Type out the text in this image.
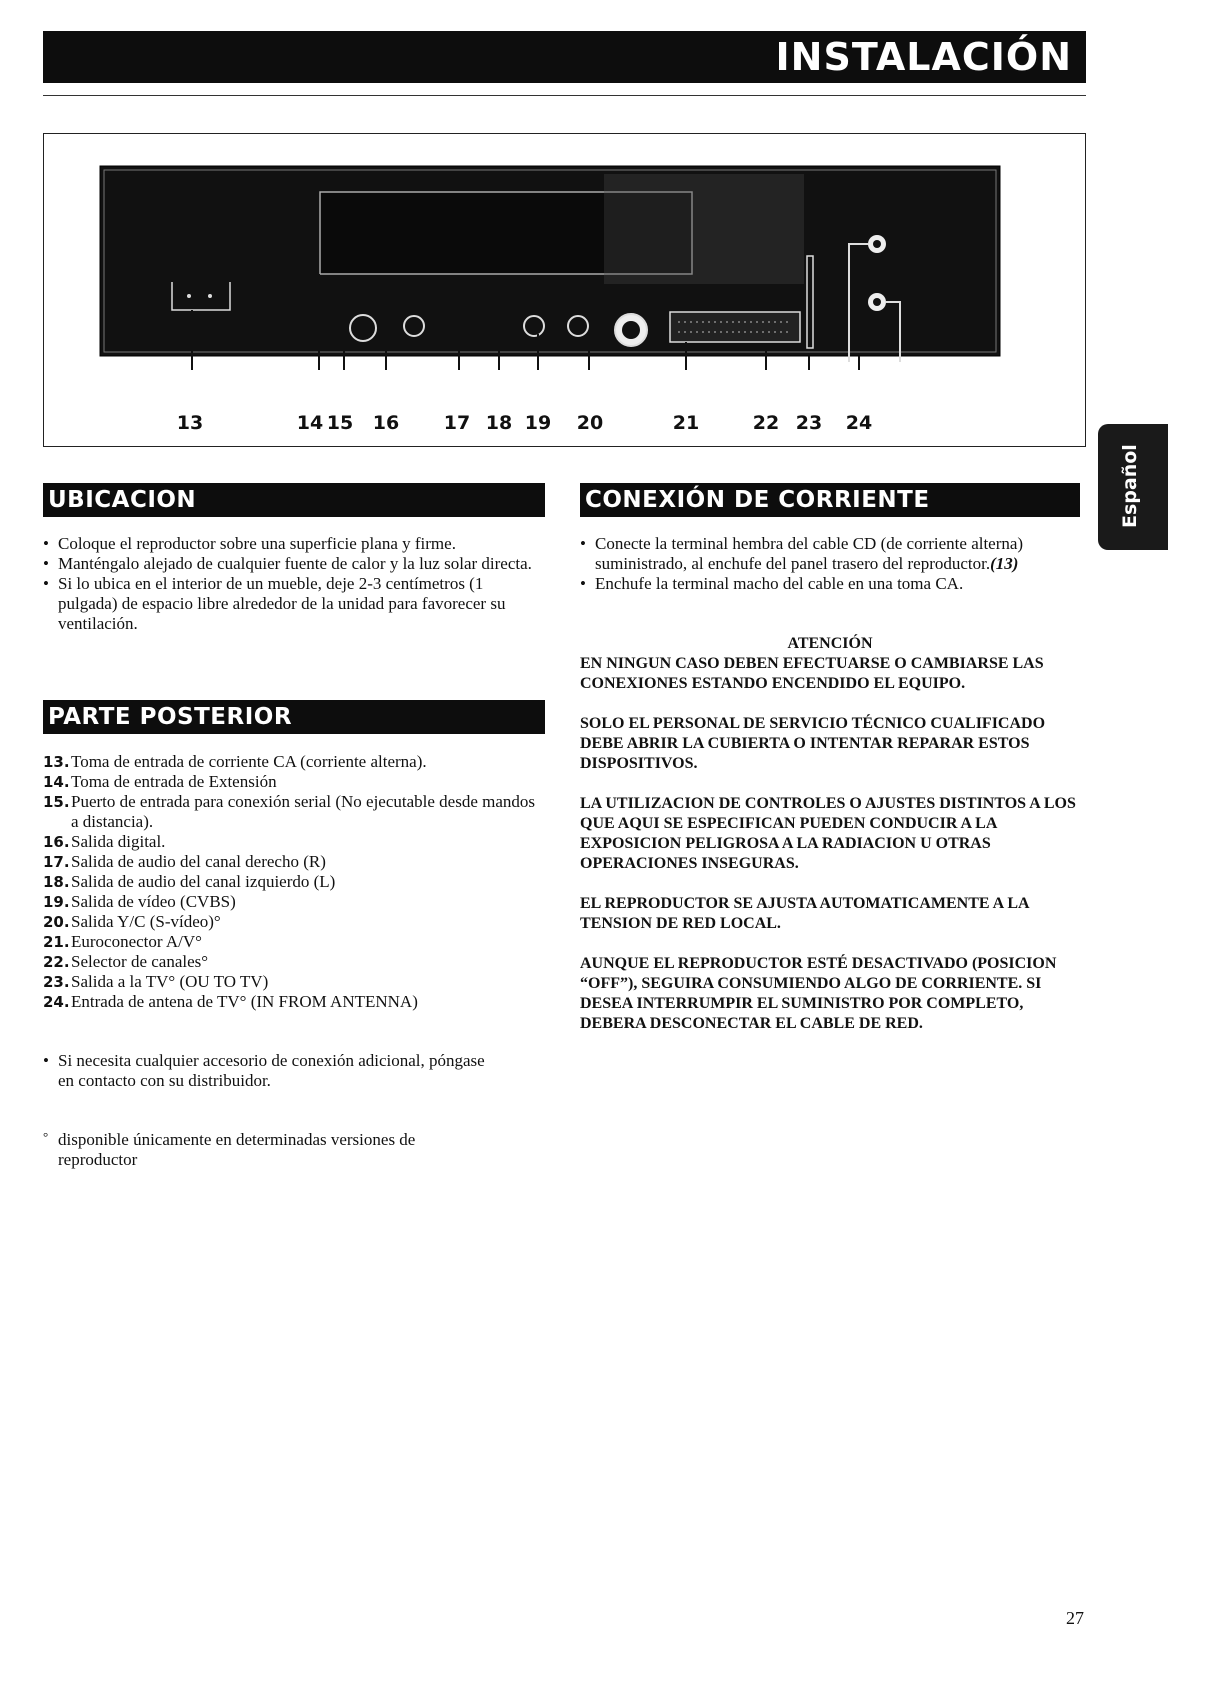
INSTALACIÓN
13	14 15 16 17 18 19 20	21	22 23 24
UBICACION
• Coloque el reproductor sobre una superficie plana y firme.
• Manténgalo alejado de cualquier fuente de calor y la luz solar directa.
• Si lo ubica en el interior de un mueble, deje 2-3 centímetros (1 pulgada) de espacio libre alrededor de la unidad para favorecer su ventilación.
PARTE POSTERIOR
13. Toma de entrada de corriente CA (corriente alterna).
14. Toma de entrada de Extensión
15. Puerto de entrada para conexión serial (No ejecutable desde mandos a distancia).
16. Salida digital.
17. Salida de audio del canal derecho (R)
18. Salida de audio del canal izquierdo (L)
19. Salida de vídeo (CVBS)
20. Salida Y/C (S-vídeo)°
21. Euroconector A/V°
22. Selector de canales°
23. Salida a la TV° (OU TO TV)
24. Entrada de antena de TV° (IN FROM ANTENNA)
• Si necesita cualquier accesorio de conexión adicional, póngase en contacto con su distribuidor.
° disponible únicamente en determinadas versiones de reproductor
CONEXIÓN DE CORRIENTE
• Conecte la terminal hembra del cable CD (de corriente alterna) suministrado, al enchufe del panel trasero del reproductor.(13)
• Enchufe la terminal macho del cable en una toma CA.

ATENCIÓN

EN NINGUN CASO DEBEN EFECTUARSE O CAMBIARSE LAS CONEXIONES ESTANDO ENCENDIDO EL EQUIPO.

SOLO EL PERSONAL DE SERVICIO TÉCNICO CUALIFICADO DEBE ABRIR LA CUBIERTA O INTENTAR REPARAR ESTOS DISPOSITIVOS.

LA UTILIZACION DE CONTROLES O AJUSTES DISTINTOS A LOS QUE AQUI SE ESPECIFICAN PUEDEN CONDUCIR A LA EXPOSICION PELIGROSA A LA RADIACION U OTRAS OPERACIONES INSEGURAS.

EL REPRODUCTOR SE AJUSTA AUTOMATICAMENTE A LA TENSION DE RED LOCAL.

AUNQUE EL REPRODUCTOR ESTÉ DESACTIVADO (POSICION “OFF”), SEGUIRA CONSUMIENDO ALGO DE CORRIENTE. SI DESEA INTERRUMPIR EL SUMINISTRO POR COMPLETO, DEBERA DESCONECTAR EL CABLE DE RED.

Español
27
